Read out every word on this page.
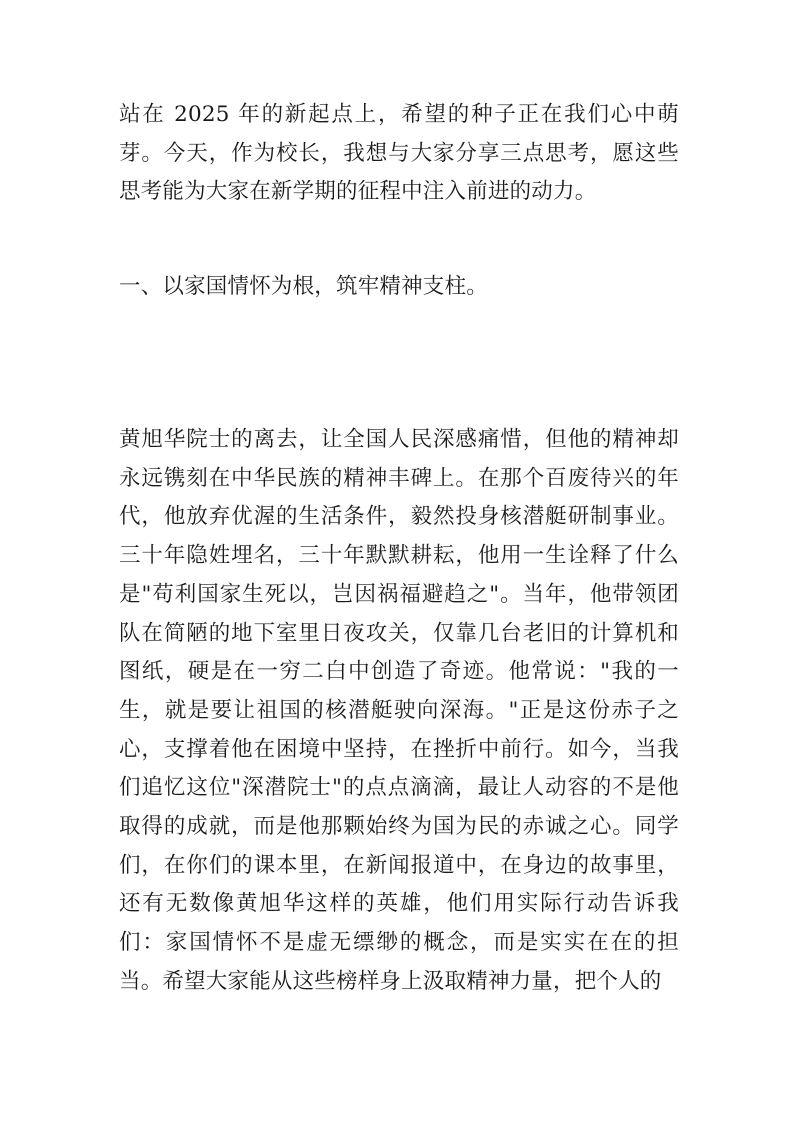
站在 2025 年的新起点上，希望的种子正在我们心中萌芽。今天，作为校长，我想与大家分享三点思考，愿这些思考能为大家在新学期的征程中注入前进的动力。

一、以家国情怀为根，筑牢精神支柱。

黄旭华院士的离去，让全国人民深感痛惜，但他的精神却永远镌刻在中华民族的精神丰碑上。在那个百废待兴的年代，他放弃优渥的生活条件，毅然投身核潜艇研制事业。三十年隐姓埋名，三十年默默耕耘，他用一生诠释了什么是"苟利国家生死以，岂因祸福避趋之"。当年，他带领团队在简陋的地下室里日夜攻关，仅靠几台老旧的计算机和图纸，硬是在一穷二白中创造了奇迹。他常说："我的一生，就是要让祖国的核潜艇驶向深海。"正是这份赤子之心，支撑着他在困境中坚持，在挫折中前行。如今，当我们追忆这位"深潜院士"的点点滴滴，最让人动容的不是他取得的成就，而是他那颗始终为国为民的赤诚之心。同学们，在你们的课本里，在新闻报道中，在身边的故事里，还有无数像黄旭华这样的英雄，他们用实际行动告诉我们：家国情怀不是虚无缥缈的概念，而是实实在在的担当。希望大家能从这些榜样身上汲取精神力量，把个人的
